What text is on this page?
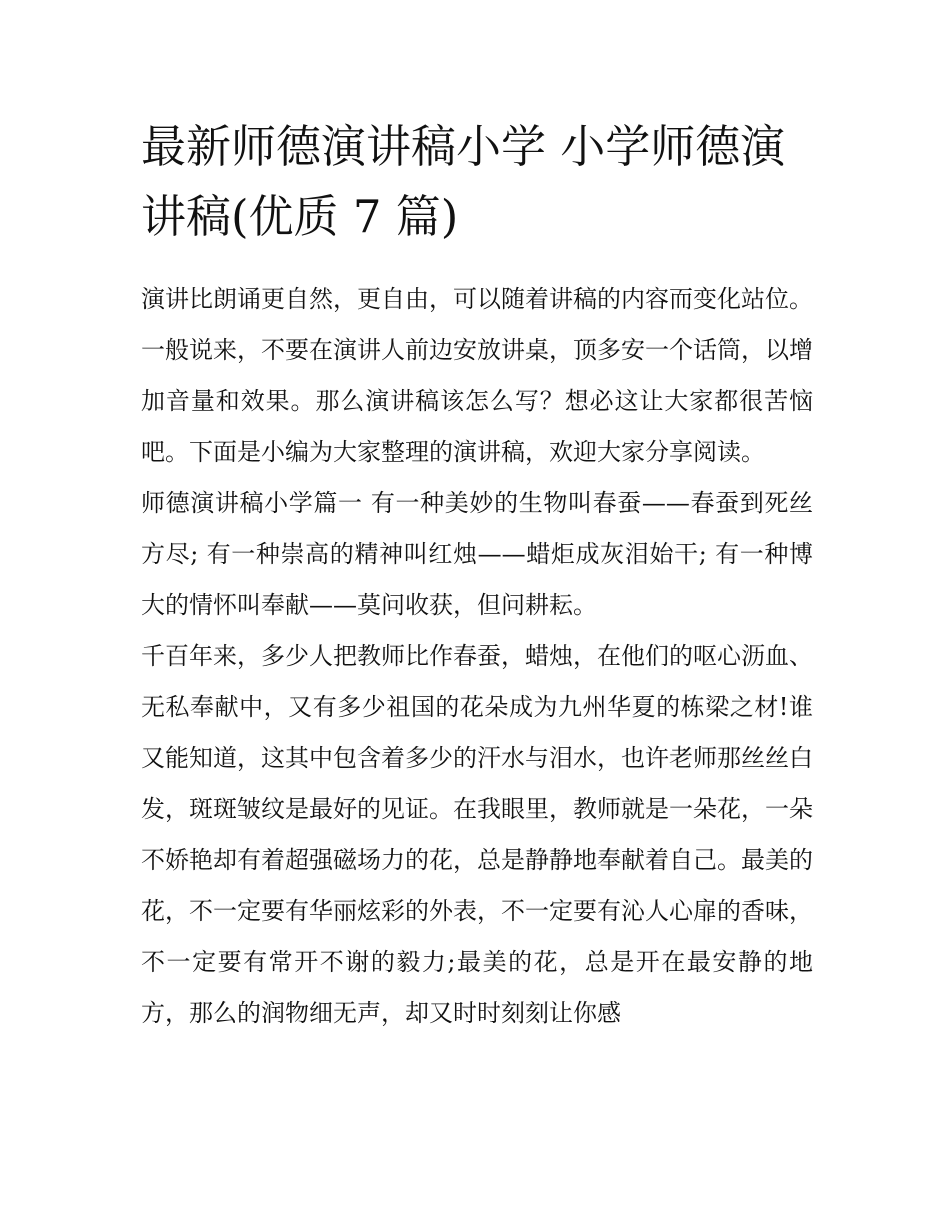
最新师德演讲稿小学 小学师德演讲稿(优质 7 篇)

演讲比朗诵更自然，更自由，可以随着讲稿的内容而变化站位。一般说来，不要在演讲人前边安放讲桌，顶多安一个话筒，以增加音量和效果。那么演讲稿该怎么写？想必这让大家都很苦恼吧。下面是小编为大家整理的演讲稿，欢迎大家分享阅读。

师德演讲稿小学篇一 有一种美妙的生物叫春蚕——春蚕到死丝方尽; 有一种崇高的精神叫红烛——蜡炬成灰泪始干; 有一种博大的情怀叫奉献——莫问收获，但问耕耘。

千百年来，多少人把教师比作春蚕，蜡烛，在他们的呕心沥血、无私奉献中，又有多少祖国的花朵成为九州华夏的栋梁之材!谁又能知道，这其中包含着多少的汗水与泪水，也许老师那丝丝白发，斑斑皱纹是最好的见证。在我眼里，教师就是一朵花，一朵不娇艳却有着超强磁场力的花，总是静静地奉献着自己。最美的花，不一定要有华丽炫彩的外表，不一定要有沁人心扉的香味，不一定要有常开不谢的毅力;最美的花，总是开在最安静的地方，那么的润物细无声，却又时时刻刻让你感
